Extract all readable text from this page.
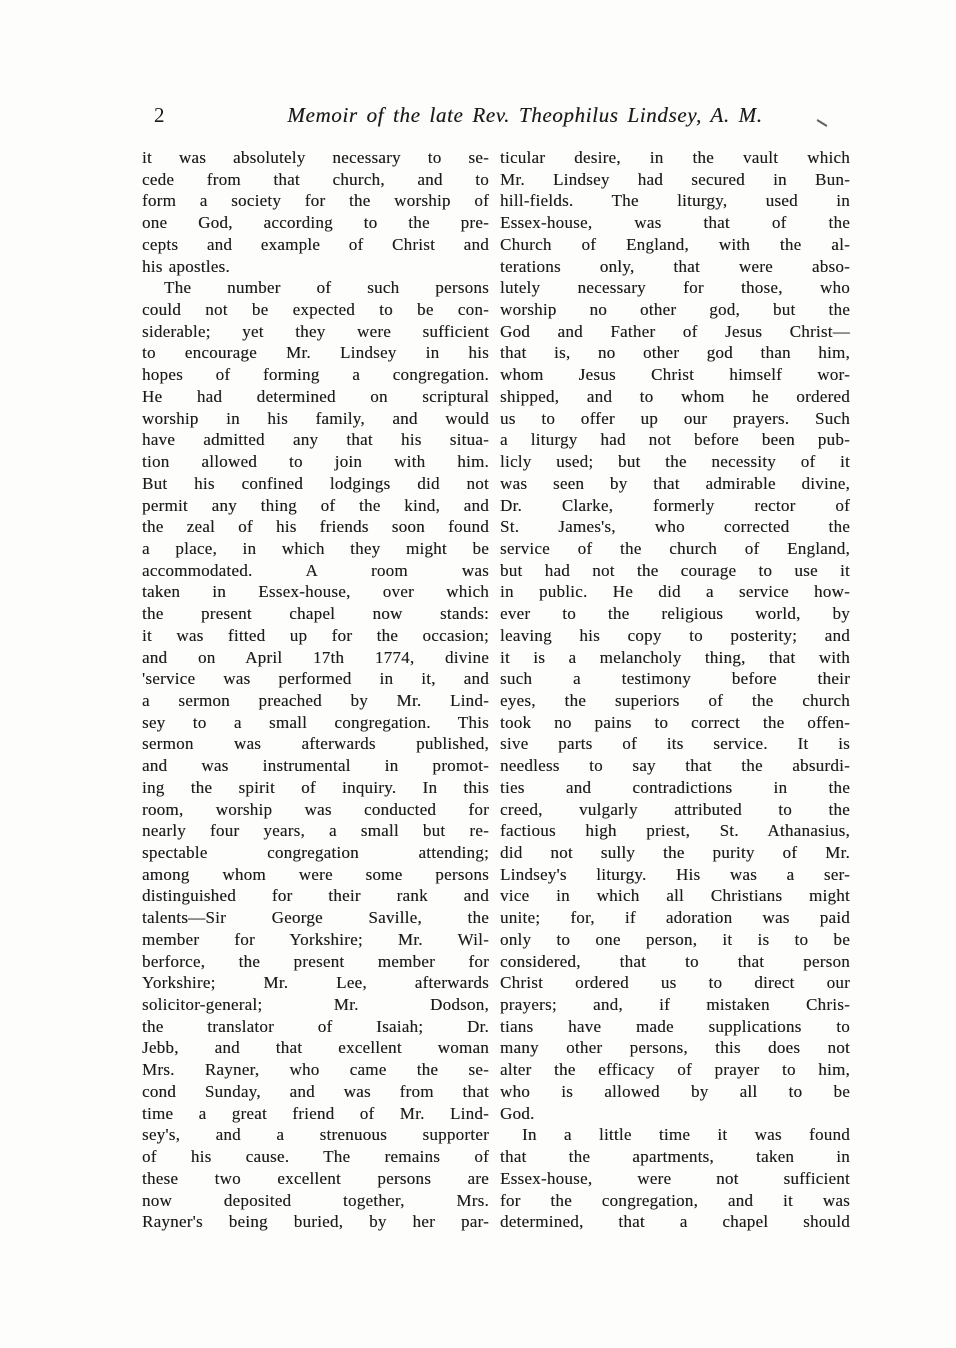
2	Memoir of the late Rev. Theophilus Lindsey, A. M.
it was absolutely necessary to se-
cede from that church, and to
form a society for the worship of
one God, according to the pre-
cepts and example of Christ and
his apostles.
The number of such persons
could not be expected to be con-
siderable; yet they were sufficient
to encourage Mr. Lindsey in his
hopes of forming a congregation.
He had determined on scriptural
worship in his family, and would
have admitted any that his situa-
tion allowed to join with him.
But his confined lodgings did not
permit any thing of the kind, and
the zeal of his friends soon found
a place, in which they might be
accommodated. A room was
taken in Essex-house, over which
the present chapel now stands:
it was fitted up for the occasion;
and on April 17th 1774, divine
'service was performed in it, and
a sermon preached by Mr. Lind-
sey to a small congregation. This
sermon was afterwards published,
and was instrumental in promot-
ing the spirit of inquiry. In this
room, worship was conducted for
nearly four years, a small but re-
spectable congregation attending;
among whom were some persons
distinguished for their rank and
talents—Sir George Saville, the
member for Yorkshire; Mr. Wil-
berforce, the present member for
Yorkshire; Mr. Lee, afterwards
solicitor-general; Mr. Dodson,
the translator of Isaiah; Dr.
Jebb, and that excellent woman
Mrs. Rayner, who came the se-
cond Sunday, and was from that
time a great friend of Mr. Lind-
sey's, and a strenuous supporter
of his cause. The remains of
these two excellent persons are
now deposited together, Mrs.
Rayner's being buried, by her par-
ticular desire, in the vault which
Mr. Lindsey had secured in Bun-
hill-fields. The liturgy, used in
Essex-house, was that of the
Church of England, with the al-
terations only, that were abso-
lutely necessary for those, who
worship no other god, but the
God and Father of Jesus Christ—
that is, no other god than him,
whom Jesus Christ himself wor-
shipped, and to whom he ordered
us to offer up our prayers. Such
a liturgy had not before been pub-
licly used; but the necessity of it
was seen by that admirable divine,
Dr. Clarke, formerly rector of
St. James's, who corrected the
service of the church of England,
but had not the courage to use it
in public. He did a service how-
ever to the religious world, by
leaving his copy to posterity; and
it is a melancholy thing, that with
such a testimony before their
eyes, the superiors of the church
took no pains to correct the offen-
sive parts of its service. It is
needless to say that the absurdi-
ties and contradictions in the
creed, vulgarly attributed to the
factious high priest, St. Athanasius,
did not sully the purity of Mr.
Lindsey's liturgy. His was a ser-
vice in which all Christians might
unite; for, if adoration was paid
only to one person, it is to be
considered, that to that person
Christ ordered us to direct our
prayers; and, if mistaken Chris-
tians have made supplications to
many other persons, this does not
alter the efficacy of prayer to him,
who is allowed by all to be
God.
In a little time it was found
that the apartments, taken in
Essex-house, were not sufficient
for the congregation, and it was
determined, that a chapel should
